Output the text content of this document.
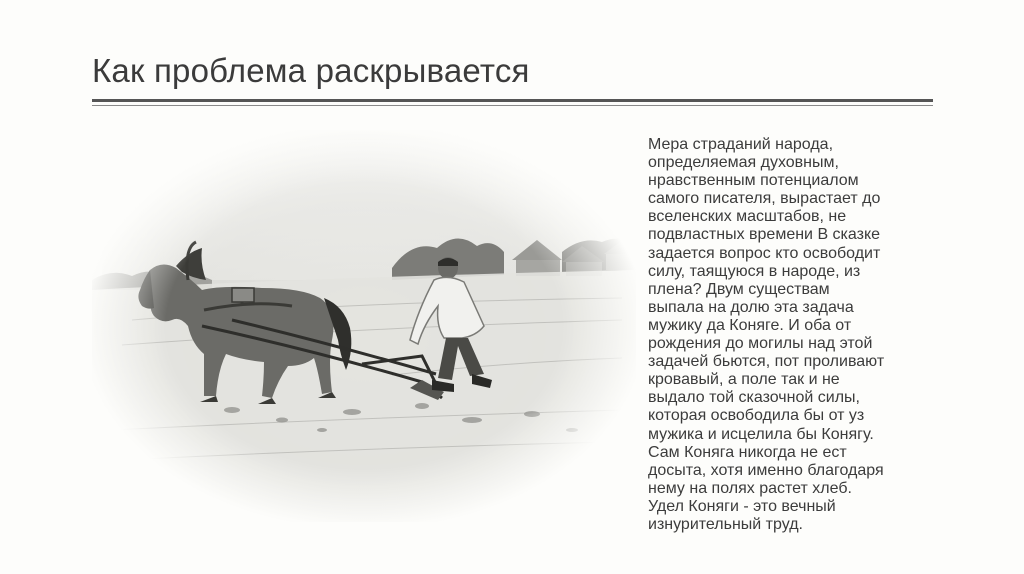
Как проблема раскрывается
Мера страданий народа,
определяемая духовным,
нравственным потенциалом
самого писателя, вырастает до
вселенских масштабов, не
подвластных времени В сказке
задается вопрос кто освободит
силу, таящуюся в народе, из
плена? Двум существам
выпала на долю эта задача
мужику да Коняге. И оба от
рождения до могилы над этой
задачей бьются, пот проливают
кровавый, а поле так и не
выдало той сказочной силы,
которая освободила бы от уз
мужика и исцелила бы Конягу.
Сам Коняга никогда не ест
досыта, хотя именно благодаря
нему на полях растет хлеб.
Удел Коняги - это вечный
изнурительный труд.
